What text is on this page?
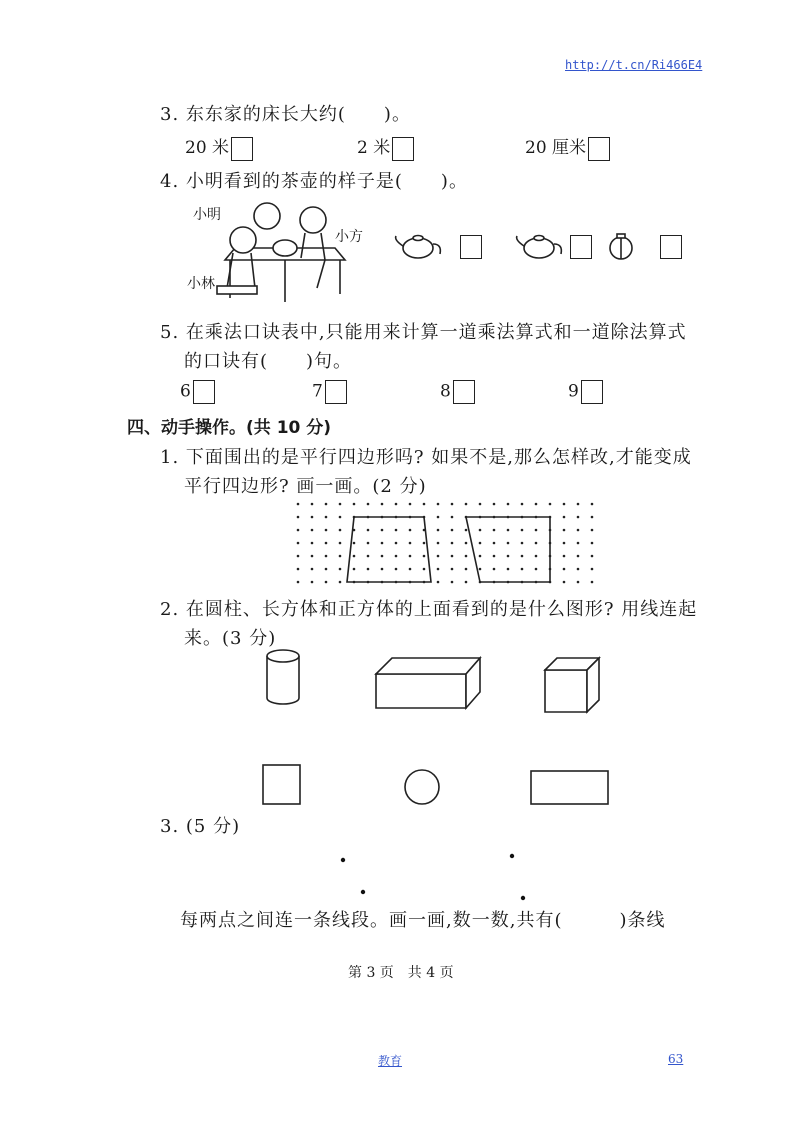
http://t.cn/Ri466E4
3. 东东家的床长大约(　　)。
20 米	2 米	20 厘米
4. 小明看到的茶壶的样子是(　　)。
小明
小方
小林
5. 在乘法口诀表中,只能用来计算一道乘法算式和一道除法算式
的口诀有(　　)句。
6	7	8	9
四、动手操作。(共 10 分)
1. 下面围出的是平行四边形吗? 如果不是,那么怎样改,才能变成
平行四边形? 画一画。(2 分)
2. 在圆柱、长方体和正方体的上面看到的是什么图形? 用线连起
来。(3 分)
3. (5 分)
每两点之间连一条线段。画一画,数一数,共有(　　　)条线
第 3 页　共 4 页
教育	63
